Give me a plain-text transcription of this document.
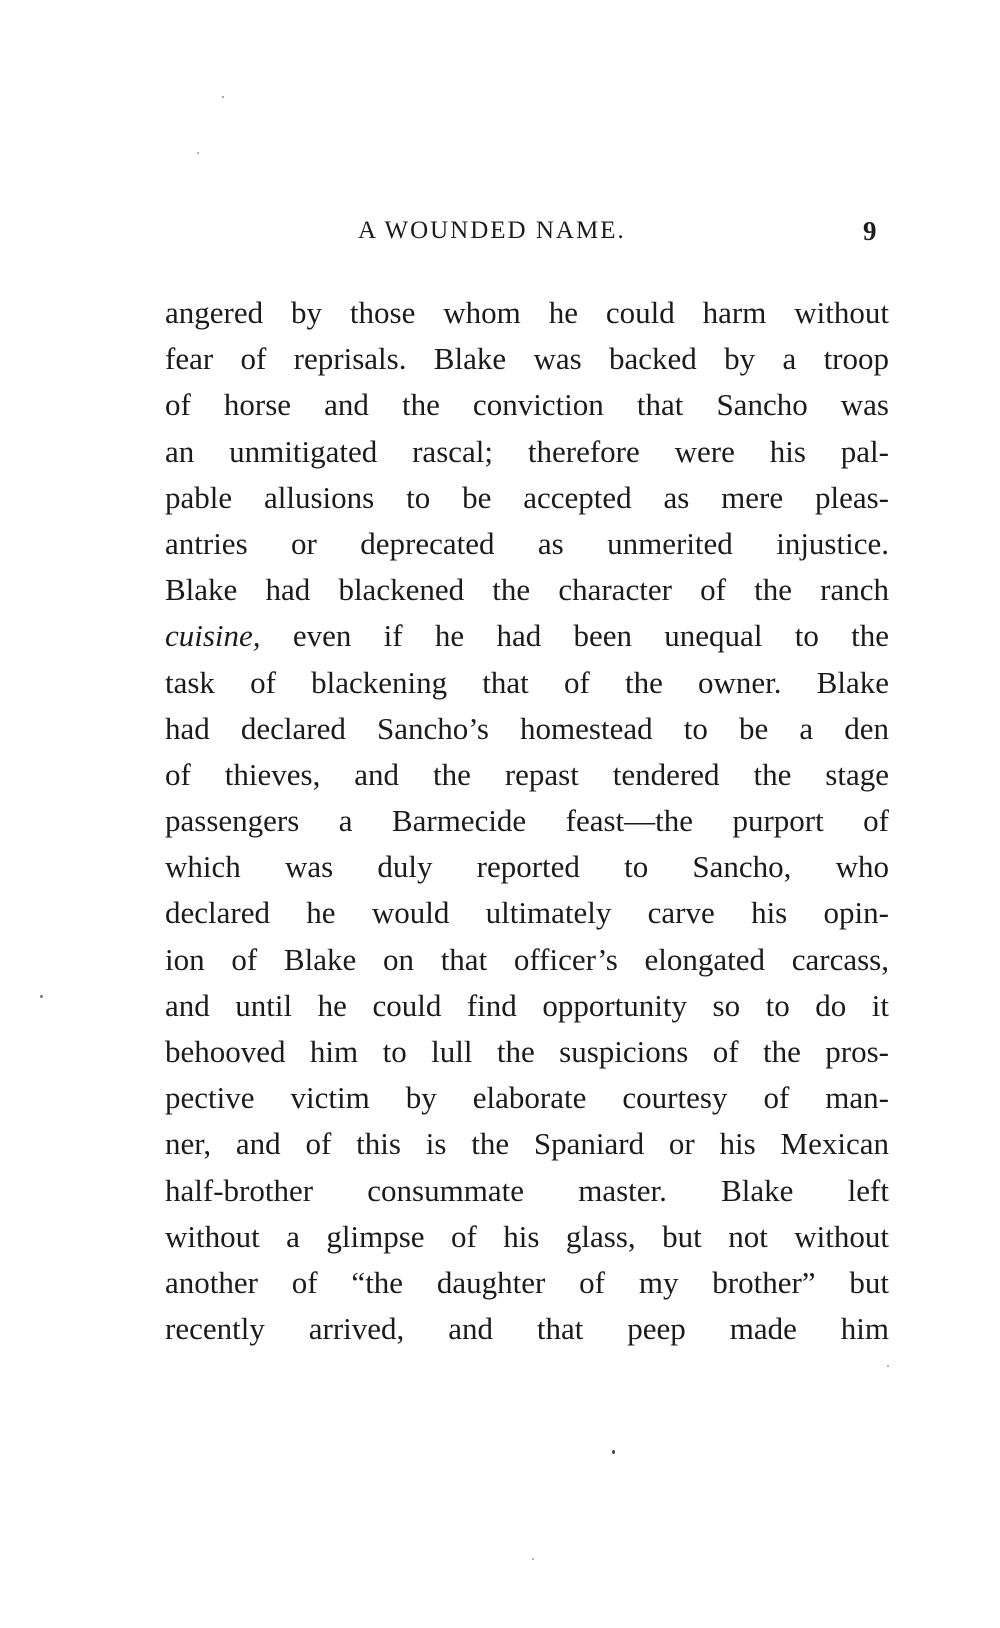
A WOUNDED NAME.	9
angered by those whom he could harm without
fear of reprisals. Blake was backed by a troop
of horse and the conviction that Sancho was
an unmitigated rascal; therefore were his pal-
pable allusions to be accepted as mere pleas-
antries or deprecated as unmerited injustice.
Blake had blackened the character of the ranch
cuisine, even if he had been unequal to the
task of blackening that of the owner. Blake
had declared Sancho’s homestead to be a den
of thieves, and the repast tendered the stage
passengers a Barmecide feast—the purport of
which was duly reported to Sancho, who
declared he would ultimately carve his opin-
ion of Blake on that officer’s elongated carcass,
and until he could find opportunity so to do it
behooved him to lull the suspicions of the pros-
pective victim by elaborate courtesy of man-
ner, and of this is the Spaniard or his Mexican
half-brother consummate master. Blake left
without a glimpse of his glass, but not without
another of “the daughter of my brother” but
recently arrived, and that peep made him
